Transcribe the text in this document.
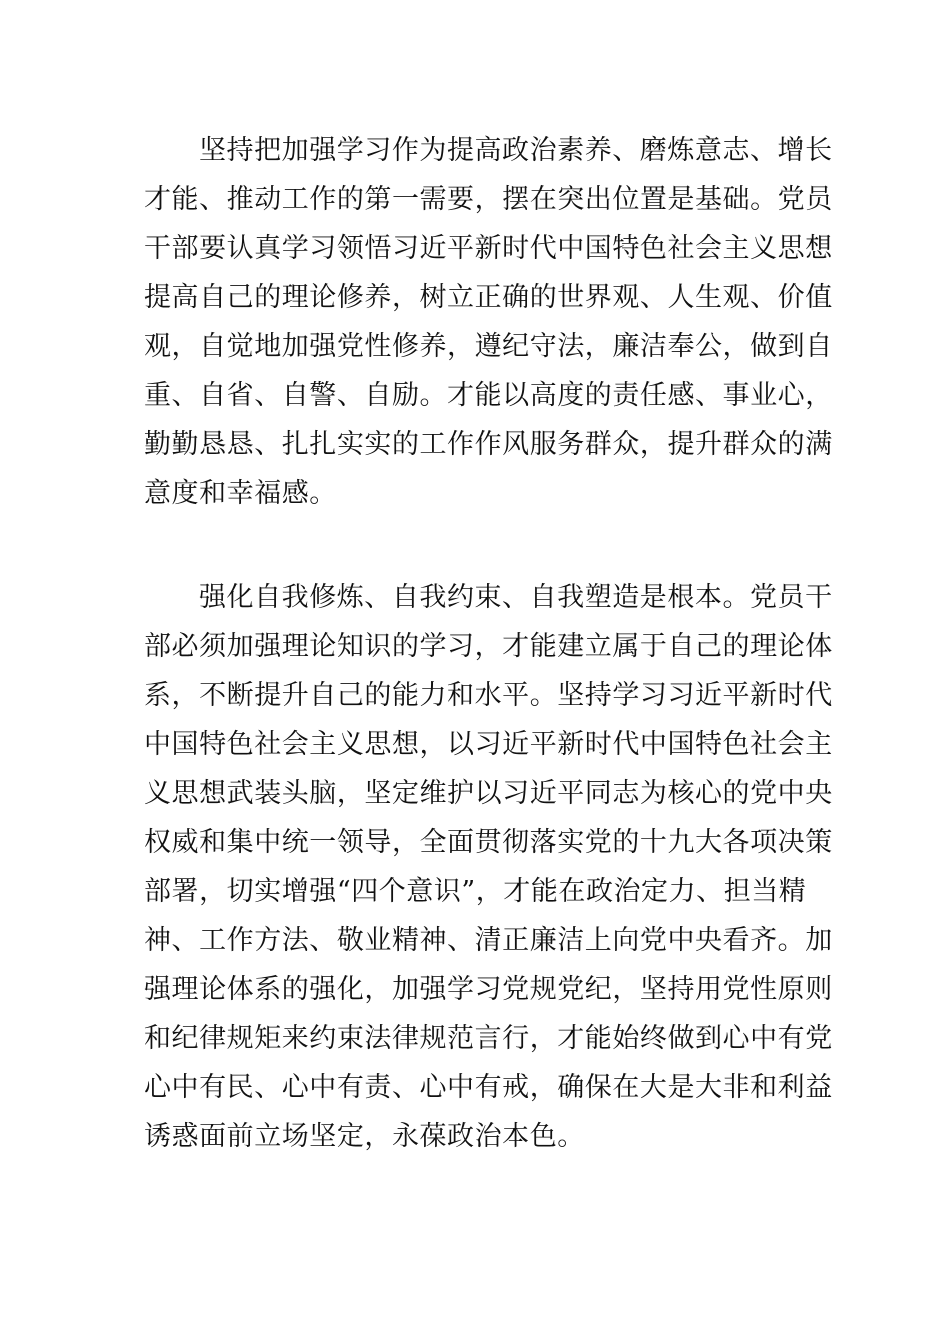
坚持把加强学习作为提高政治素养、磨炼意志、增长
才能、推动工作的第一需要，摆在突出位置是基础。党员
干部要认真学习领悟习近平新时代中国特色社会主义思想
提高自己的理论修养，树立正确的世界观、人生观、价值
观，自觉地加强党性修养，遵纪守法，廉洁奉公，做到自
重、自省、自警、自励。才能以高度的责任感、事业心，
勤勤恳恳、扎扎实实的工作作风服务群众，提升群众的满
意度和幸福感。

强化自我修炼、自我约束、自我塑造是根本。党员干
部必须加强理论知识的学习，才能建立属于自己的理论体
系，不断提升自己的能力和水平。坚持学习习近平新时代
中国特色社会主义思想，以习近平新时代中国特色社会主
义思想武装头脑，坚定维护以习近平同志为核心的党中央
权威和集中统一领导，全面贯彻落实党的十九大各项决策
部署，切实增强“四个意识”，才能在政治定力、担当精
神、工作方法、敬业精神、清正廉洁上向党中央看齐。加
强理论体系的强化，加强学习党规党纪，坚持用党性原则
和纪律规矩来约束法律规范言行，才能始终做到心中有党
心中有民、心中有责、心中有戒，确保在大是大非和利益
诱惑面前立场坚定，永葆政治本色。
